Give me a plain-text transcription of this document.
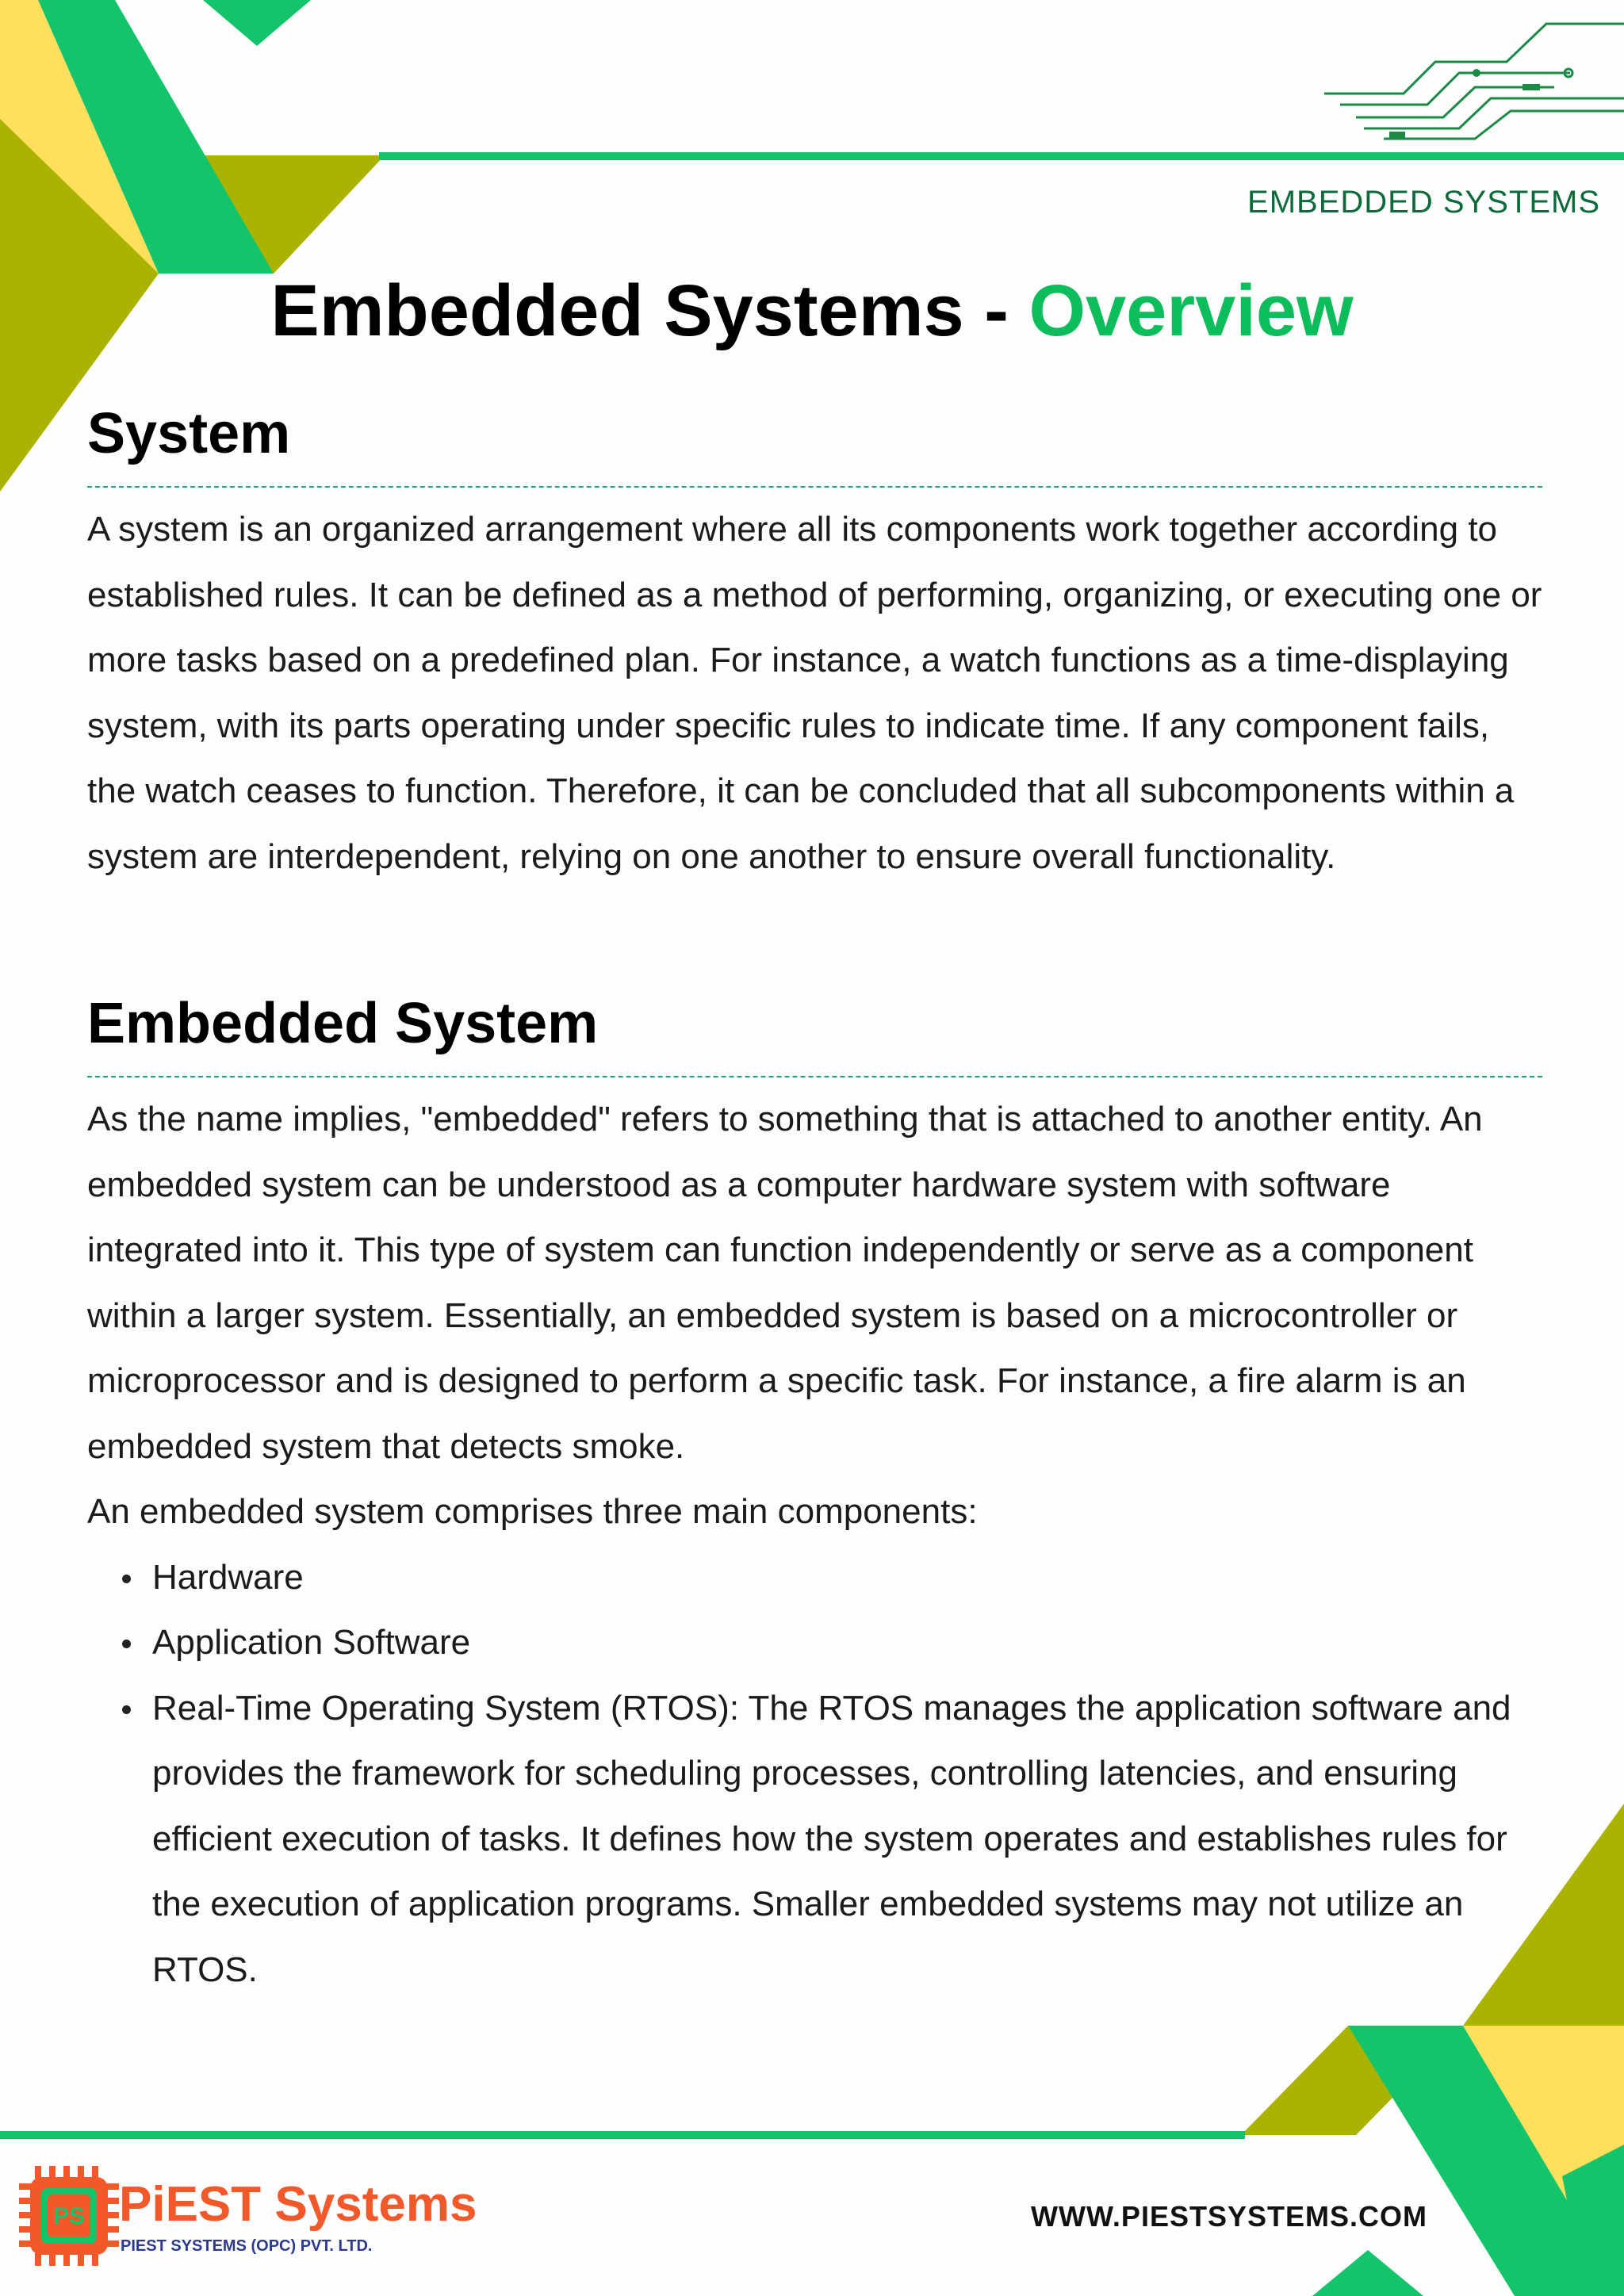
EMBEDDED SYSTEMS
Embedded Systems - Overview
System

A system is an organized arrangement where all its components work together according to established rules. It can be defined as a method of performing, organizing, or executing one or more tasks based on a predefined plan. For instance, a watch functions as a time-displaying system, with its parts operating under specific rules to indicate time. If any component fails, the watch ceases to function. Therefore, it can be concluded that all subcomponents within a system are interdependent, relying on one another to ensure overall functionality.

Embedded System

As the name implies, "embedded" refers to something that is attached to another entity. An embedded system can be understood as a computer hardware system with software integrated into it. This type of system can function independently or serve as a component within a larger system. Essentially, an embedded system is based on a microcontroller or microprocessor and is designed to perform a specific task. For instance, a fire alarm is an embedded system that detects smoke.

An embedded system comprises three main components:

Hardware
Application Software
Real-Time Operating System (RTOS): The RTOS manages the application software and provides the framework for scheduling processes, controlling latencies, and ensuring efficient execution of tasks. It defines how the system operates and establishes rules for the execution of application programs. Smaller embedded systems may not utilize an RTOS.
PS PiEST Systems
PIEST SYSTEMS (OPC) PVT. LTD.
WWW.PIESTSYSTEMS.COM
